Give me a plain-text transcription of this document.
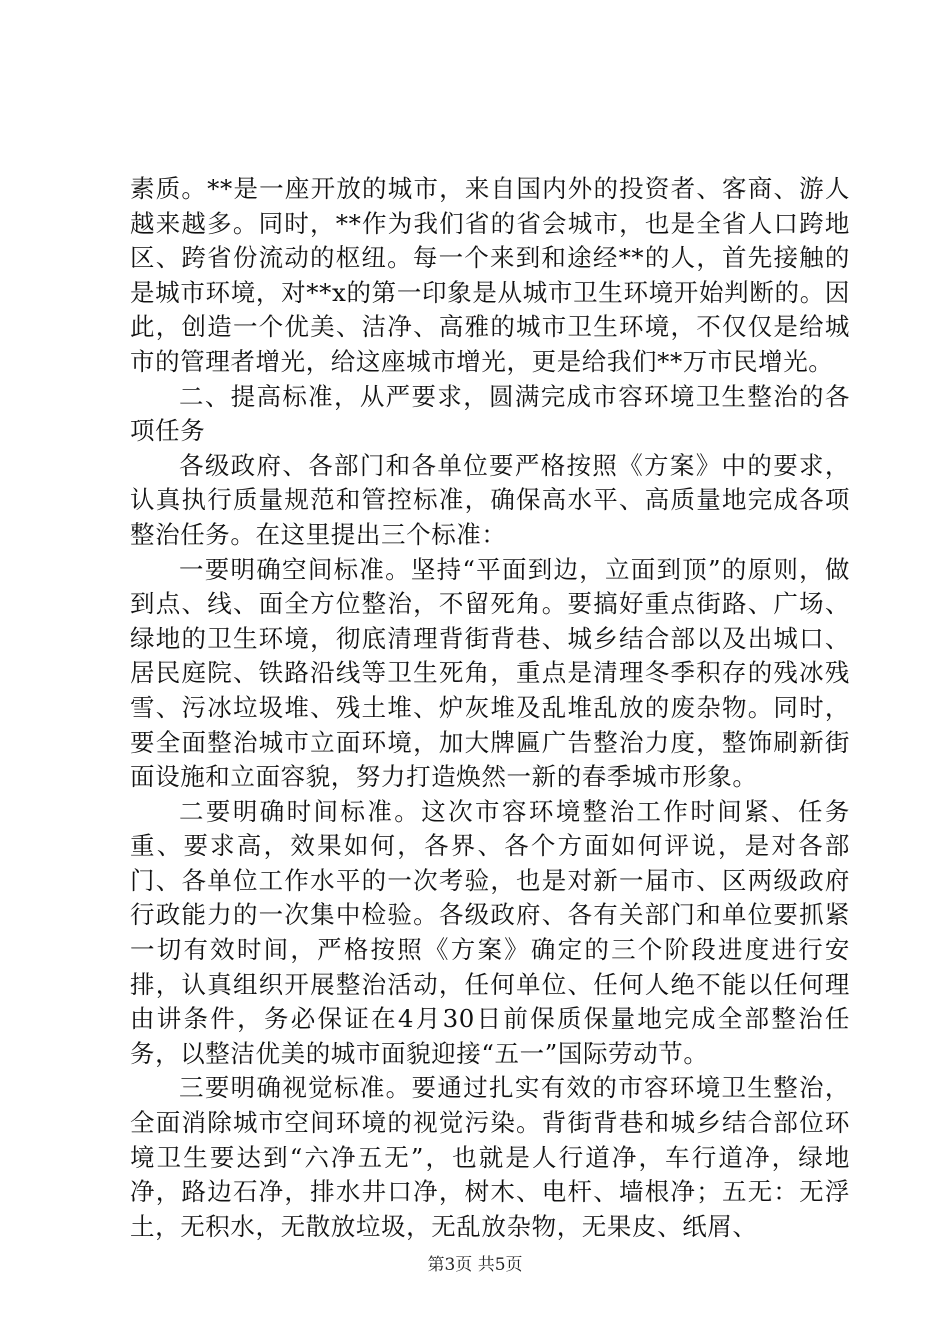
素质。**是一座开放的城市，来自国内外的投资者、客商、游人越来越多。同时，**作为我们省的省会城市，也是全省人口跨地区、跨省份流动的枢纽。每一个来到和途经**的人，首先接触的是城市环境，对**x的第一印象是从城市卫生环境开始判断的。因此，创造一个优美、洁净、高雅的城市卫生环境，不仅仅是给城市的管理者增光，给这座城市增光，更是给我们**万市民增光。

二、提高标准，从严要求，圆满完成市容环境卫生整治的各项任务

各级政府、各部门和各单位要严格按照《方案》中的要求，认真执行质量规范和管控标准，确保高水平、高质量地完成各项整治任务。在这里提出三个标准：

一要明确空间标准。坚持“平面到边，立面到顶”的原则，做到点、线、面全方位整治，不留死角。要搞好重点街路、广场、绿地的卫生环境，彻底清理背街背巷、城乡结合部以及出城口、居民庭院、铁路沿线等卫生死角，重点是清理冬季积存的残冰残雪、污冰垃圾堆、残土堆、炉灰堆及乱堆乱放的废杂物。同时，要全面整治城市立面环境，加大牌匾广告整治力度，整饰刷新街面设施和立面容貌，努力打造焕然一新的春季城市形象。

二要明确时间标准。这次市容环境整治工作时间紧、任务重、要求高，效果如何，各界、各个方面如何评说，是对各部门、各单位工作水平的一次考验，也是对新一届市、区两级政府行政能力的一次集中检验。各级政府、各有关部门和单位要抓紧一切有效时间，严格按照《方案》确定的三个阶段进度进行安排，认真组织开展整治活动，任何单位、任何人绝不能以任何理由讲条件，务必保证在4月30日前保质保量地完成全部整治任务，以整洁优美的城市面貌迎接“五一”国际劳动节。

三要明确视觉标准。要通过扎实有效的市容环境卫生整治，全面消除城市空间环境的视觉污染。背街背巷和城乡结合部位环境卫生要达到“六净五无”，也就是人行道净，车行道净，绿地净，路边石净，排水井口净，树木、电杆、墙根净；五无：无浮土，无积水，无散放垃圾，无乱放杂物，无果皮、纸屑、

第3页 共5页
